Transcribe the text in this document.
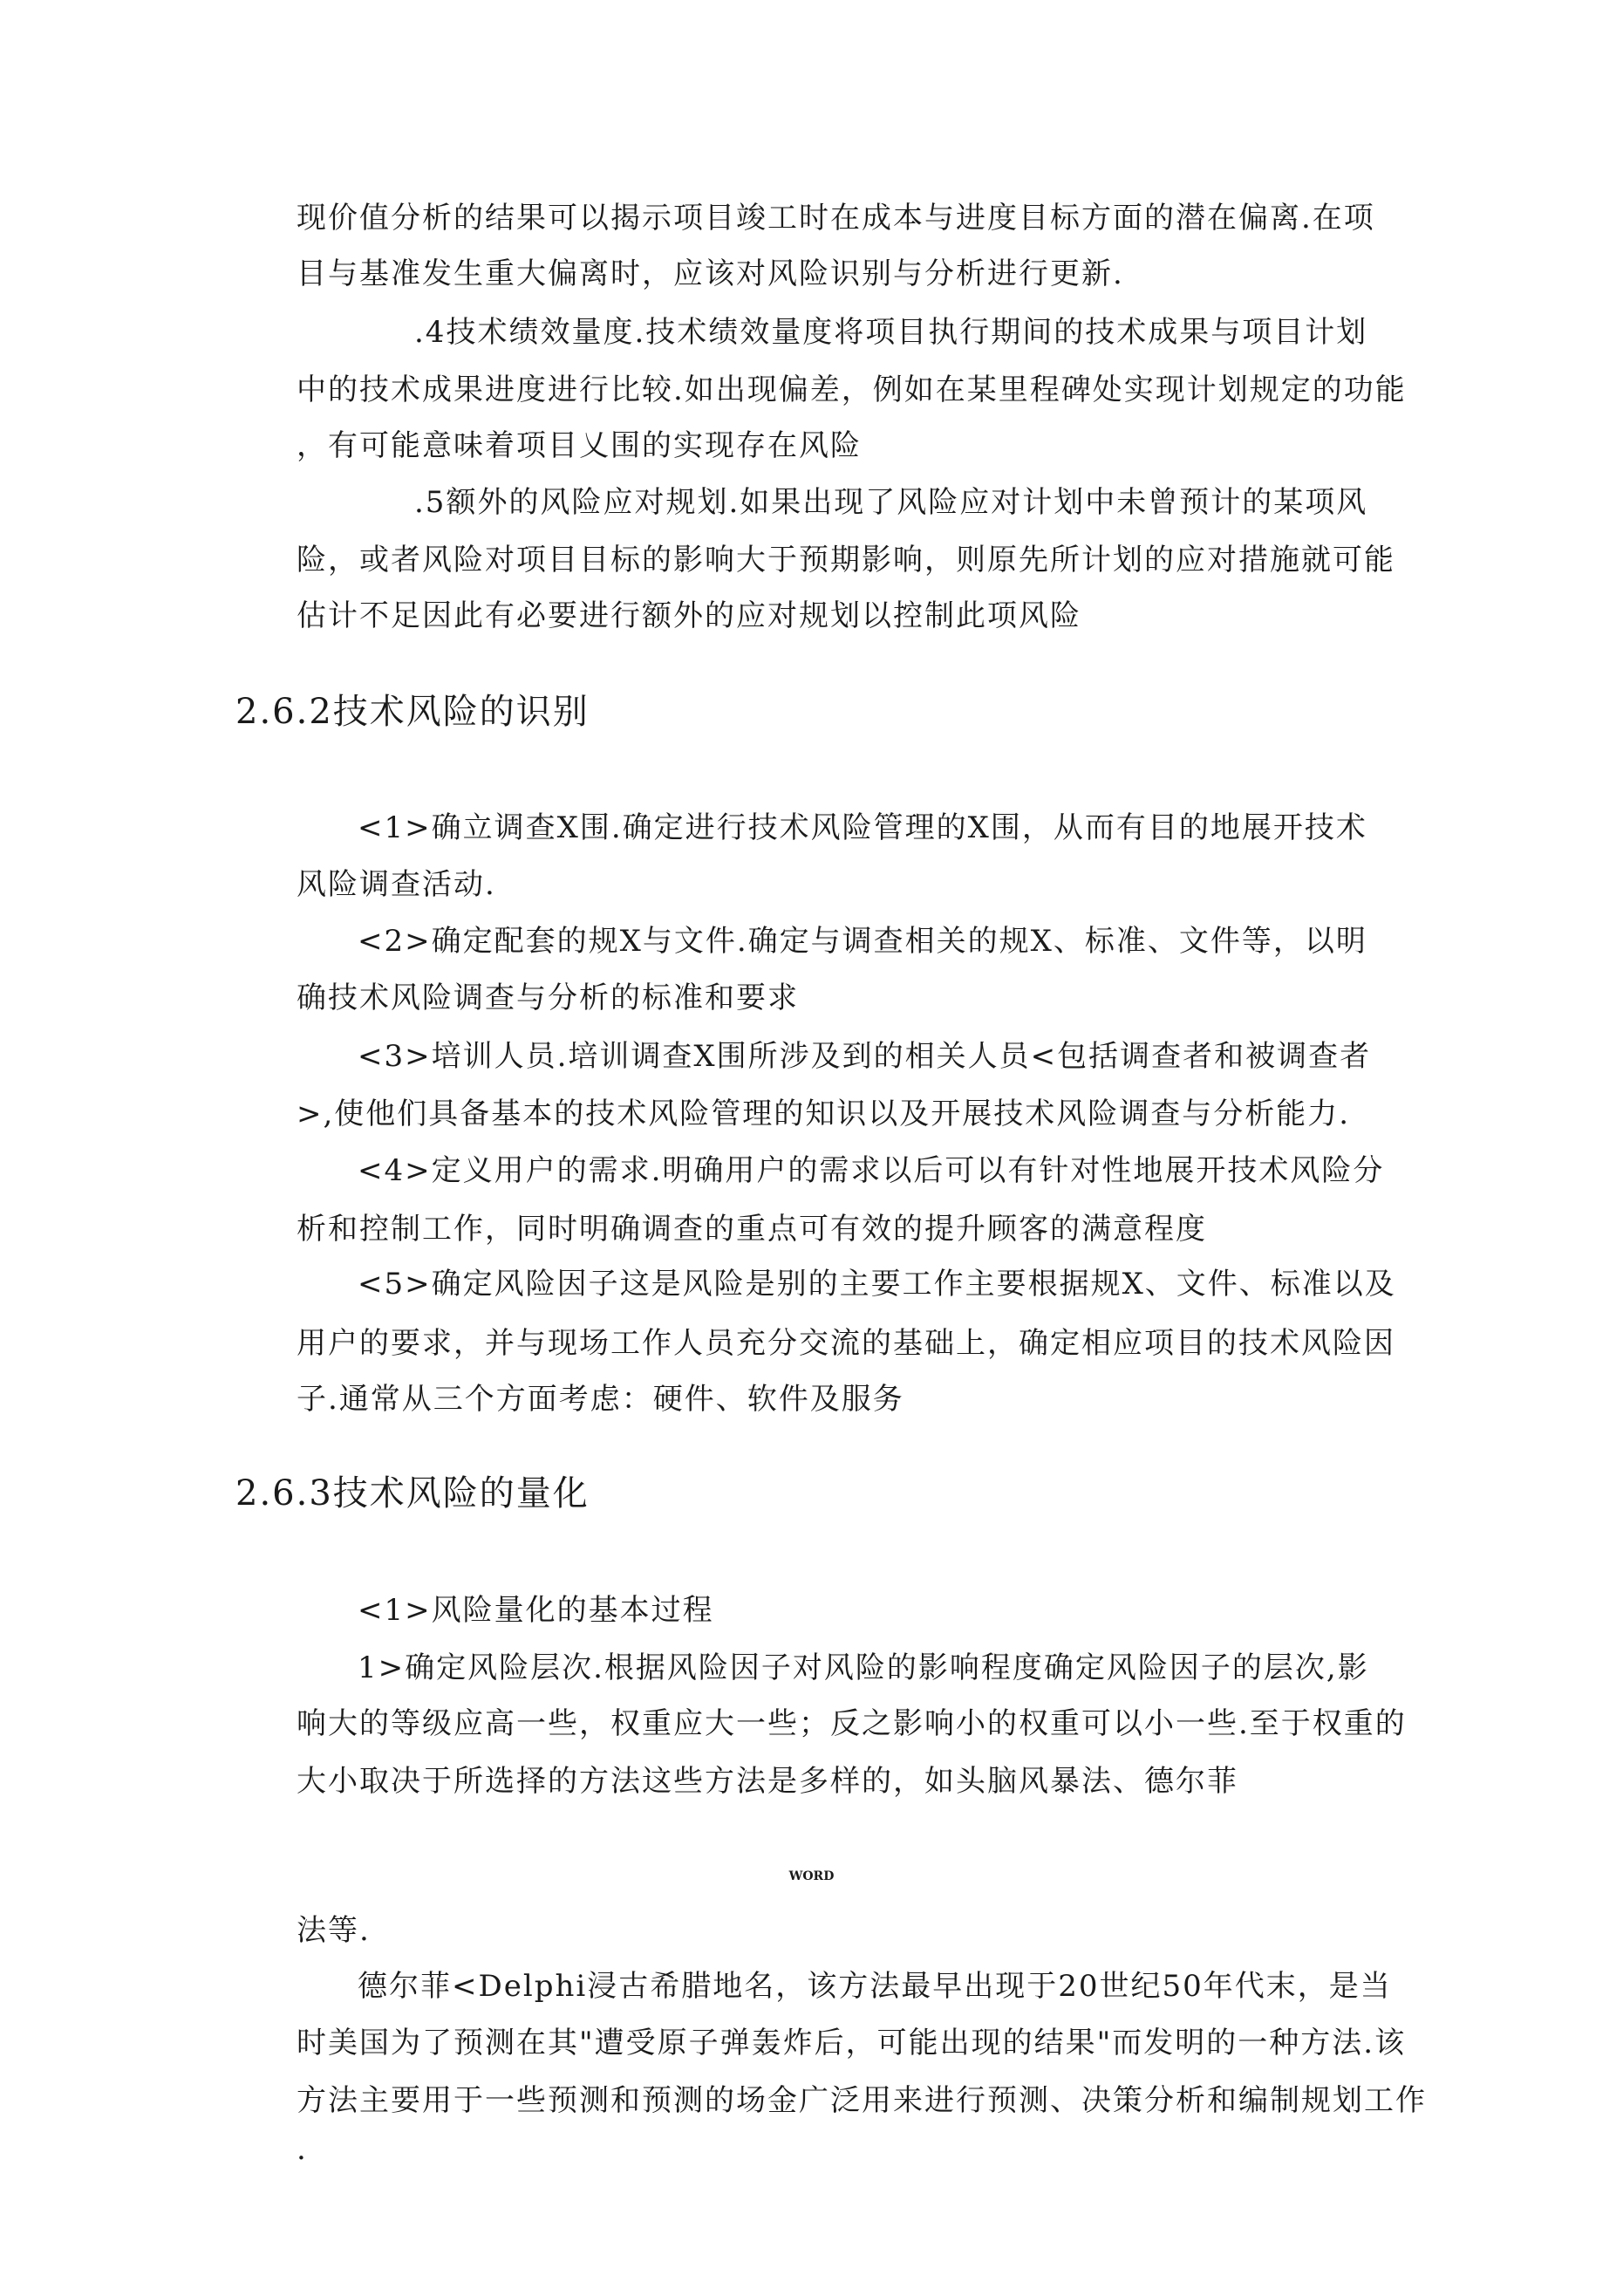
现价值分析的结果可以揭示项目竣工时在成本与进度目标方面的潜在偏离.在项
目与基准发生重大偏离时，应该对风险识别与分析进行更新.
.4技术绩效量度.技术绩效量度将项目执行期间的技术成果与项目计划
中的技术成果进度进行比较.如出现偏差，例如在某里程碑处实现计划规定的功能
，有可能意味着项目乂围的实现存在风险
.5额外的风险应对规划.如果出现了风险应对计划中未曾预计的某项风
险，或者风险对项目目标的影响大于预期影响，则原先所计划的应对措施就可能
估计不足因此有必要进行额外的应对规划以控制此项风险
2.6.2技术风险的识别
<1>确立调查X围.确定进行技术风险管理的X围，从而有目的地展开技术
风险调查活动.
<2>确定配套的规X与文件.确定与调查相关的规X、标准、文件等，以明
确技术风险调查与分析的标准和要求
<3>培训人员.培训调查X围所涉及到的相关人员<包括调查者和被调查者
>,使他们具备基本的技术风险管理的知识以及开展技术风险调查与分析能力.
<4>定义用户的需求.明确用户的需求以后可以有针对性地展开技术风险分
析和控制工作，同时明确调查的重点可有效的提升顾客的满意程度
<5>确定风险因子这是风险是别的主要工作主要根据规X、文件、标准以及
用户的要求，并与现场工作人员充分交流的基础上，确定相应项目的技术风险因
子.通常从三个方面考虑：硬件、软件及服务
2.6.3技术风险的量化
<1>风险量化的基本过程
1>确定风险层次.根据风险因子对风险的影响程度确定风险因子的层次,影
响大的等级应高一些，权重应大一些；反之影响小的权重可以小一些.至于权重的
大小取决于所选择的方法这些方法是多样的，如头脑风暴法、德尔菲
WORD
法等.
德尔菲<Delphi浸古希腊地名，该方法最早出现于20世纪50年代末，是当
时美国为了预测在其"遭受原子弹轰炸后，可能出现的结果"而发明的一种方法.该
方法主要用于一些预测和预测的场金广泛用来进行预测、决策分析和编制规划工作
.
